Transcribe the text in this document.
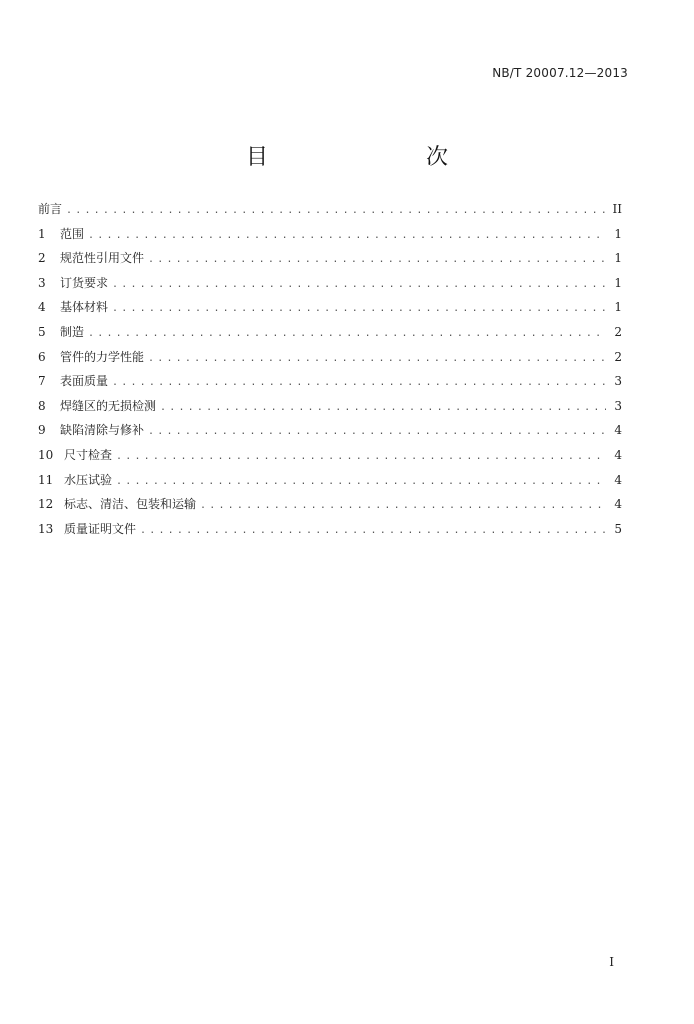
NB/T 20007.12—2013
目　　次
前言 .....	II
1	范围 .....	1
2	规范性引用文件 .....	1
3	订货要求 .....	1
4	基体材料 .....	1
5	制造 .....	2
6	管件的力学性能 .....	2
7	表面质量 .....	3
8	焊缝区的无损检测 .....	3
9	缺陷清除与修补 .....	4
10 尺寸检查 .....	4
11 水压试验 .....	4
12 标志、清洁、包装和运输 .....	4
13 质量证明文件 .....	5
I
